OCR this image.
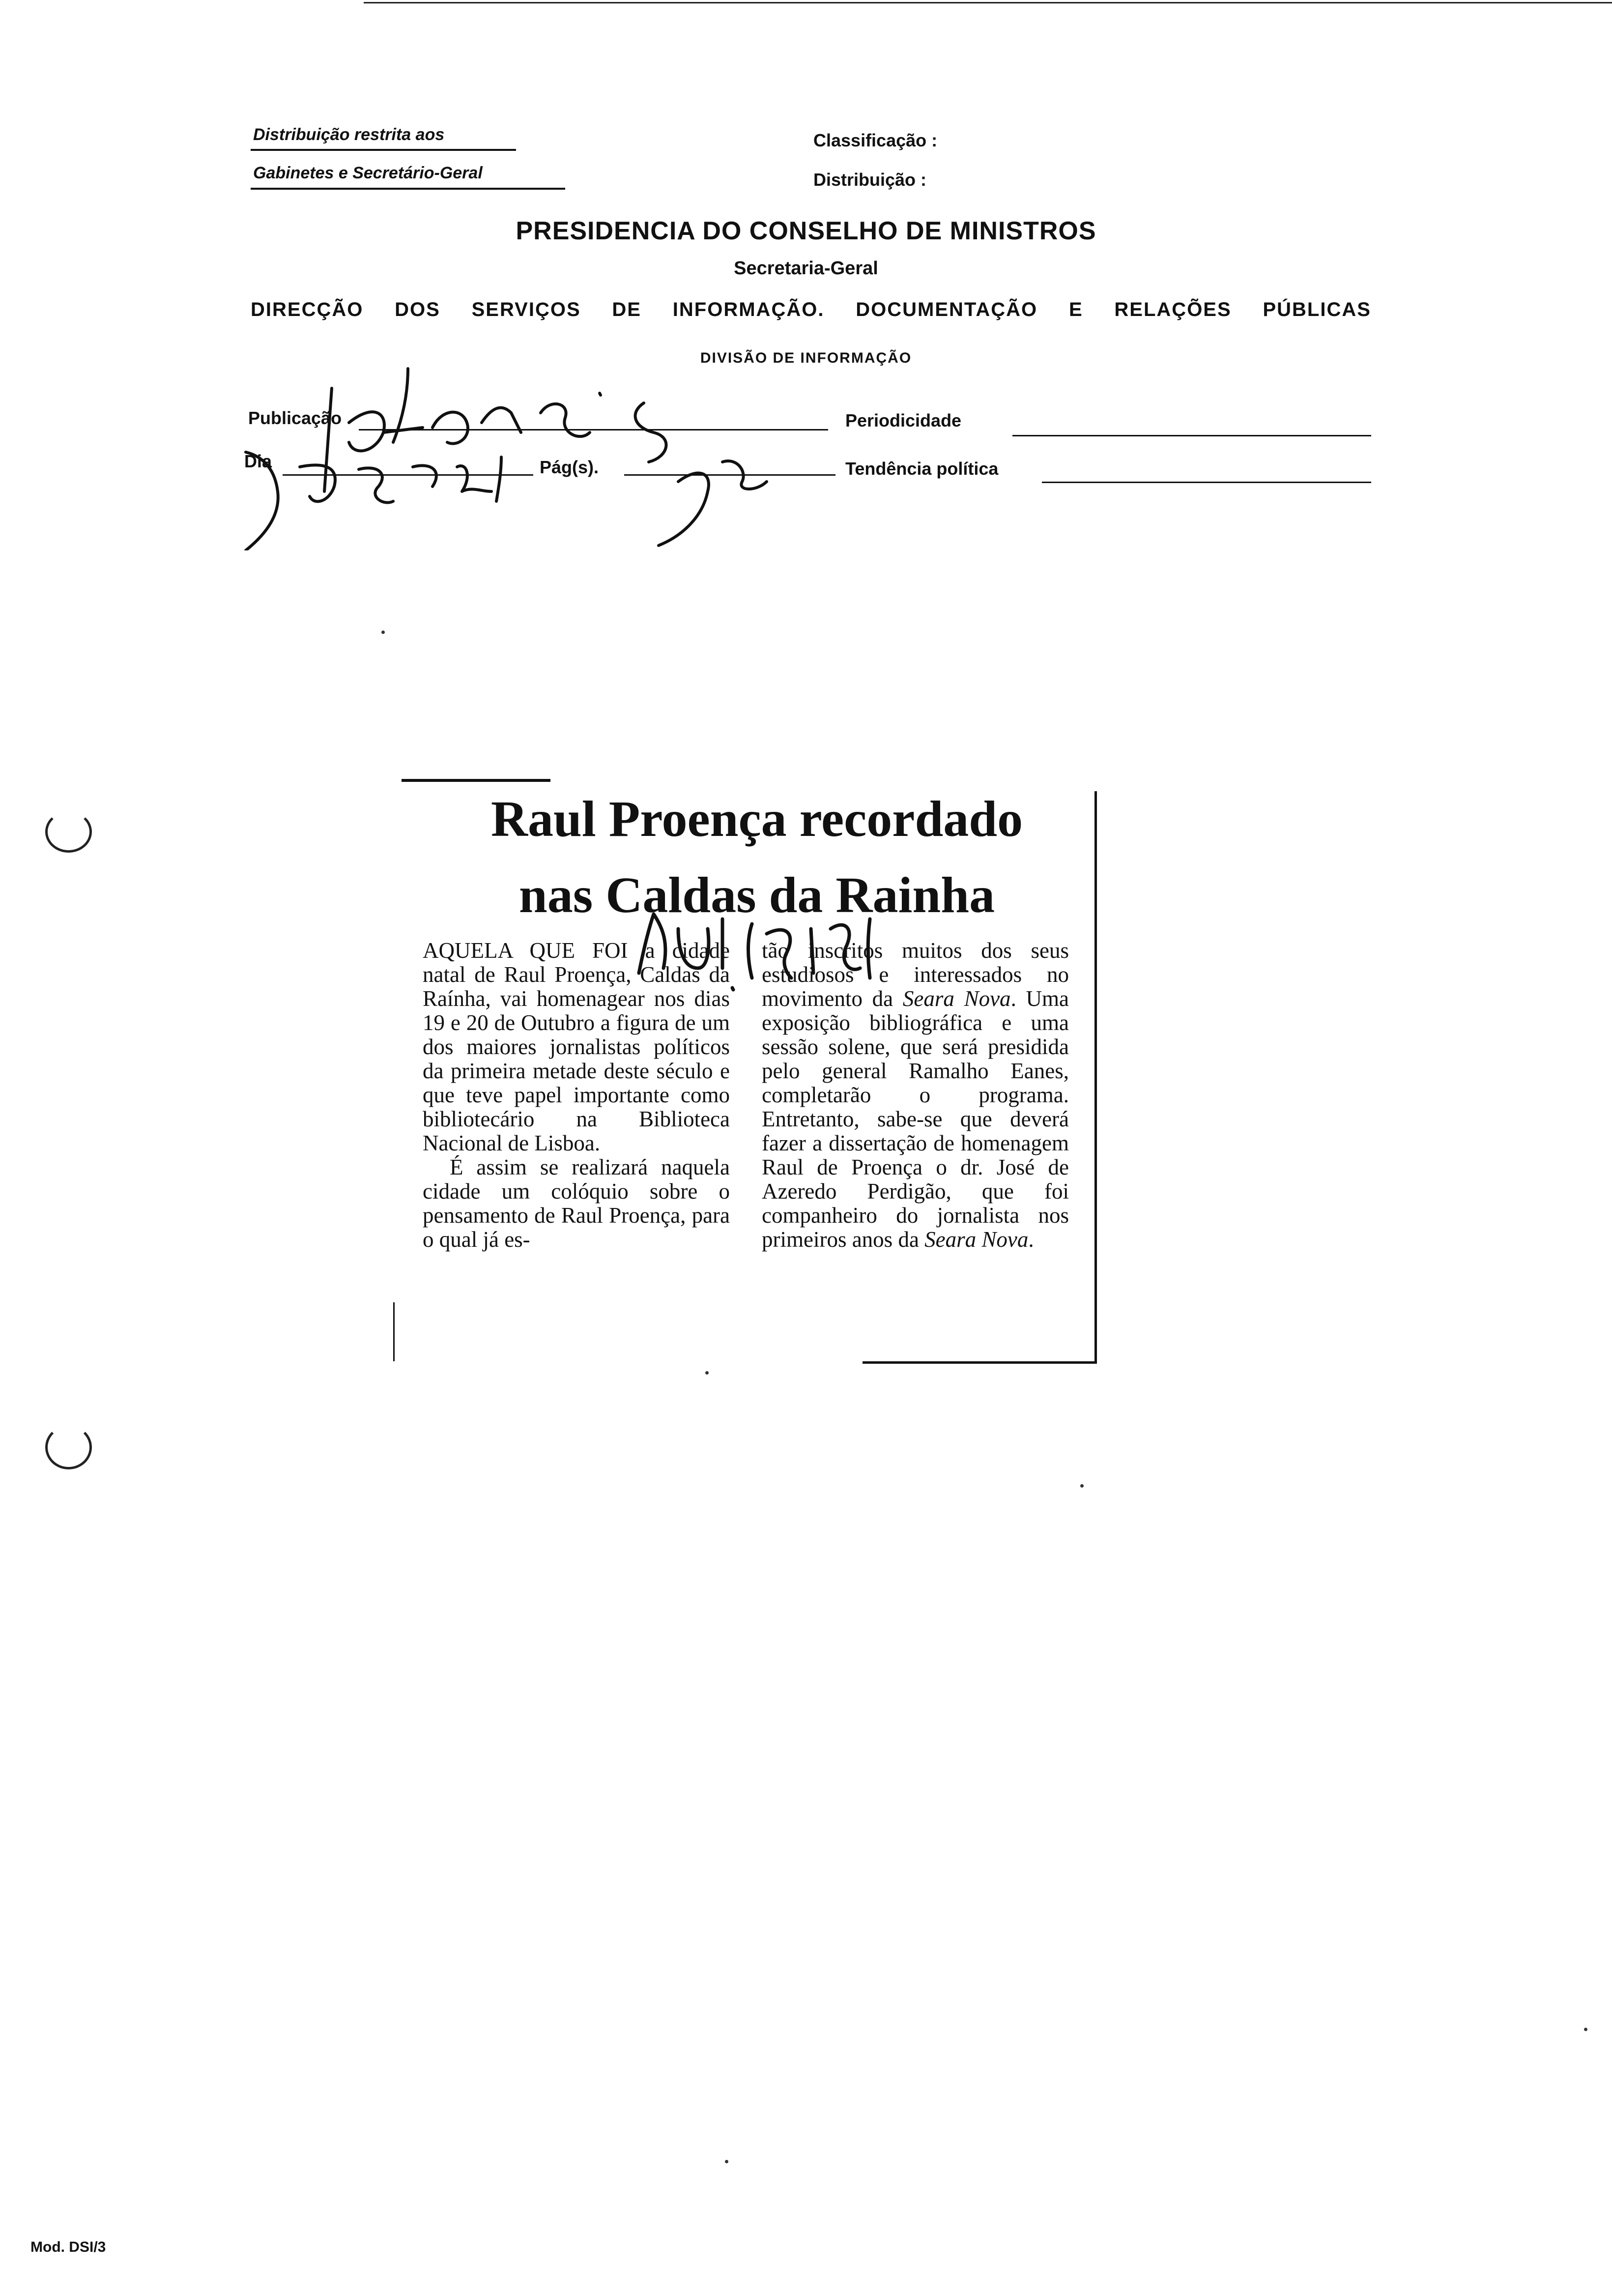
Distribuição restrita aos
Gabinetes e Secretário-Geral
Classificação :
Distribuição :
PRESIDENCIA DO CONSELHO DE MINISTROS
Secretaria-Geral
DIRECÇÃO DOS SERVIÇOS DE INFORMAÇÃO. DOCUMENTAÇÃO E RELAÇÕES PÚBLICAS
DIVISÃO DE INFORMAÇÃO
Publicação
Dia	Pág(s).
Periodicidade
Tendência política
Raul Proença recordado
nas Caldas da Rainha

AQUELA QUE FOI a cidade natal de Raul Proença, Caldas da Raínha, vai homenagear nos dias 19 e 20 de Outubro a figura de um dos maiores jornalistas políticos da primeira metade deste século e que teve papel importante como bibliotecário na Biblioteca Nacional de Lisboa.

É assim se realizará naquela cidade um colóquio sobre o pensamento de Raul Proença, para o qual já es-

tão inscritos muitos dos seus estudiosos e interessados no movimento da Seara Nova. Uma exposição bibliográfica e uma sessão solene, que será presidida pelo general Ramalho Eanes, completarão o programa. Entretanto, sabe-se que deverá fazer a dissertação de homenagem Raul de Proença o dr. José de Azeredo Perdigão, que foi companheiro do jornalista nos primeiros anos da Seara Nova.

Mod. DSI/3
